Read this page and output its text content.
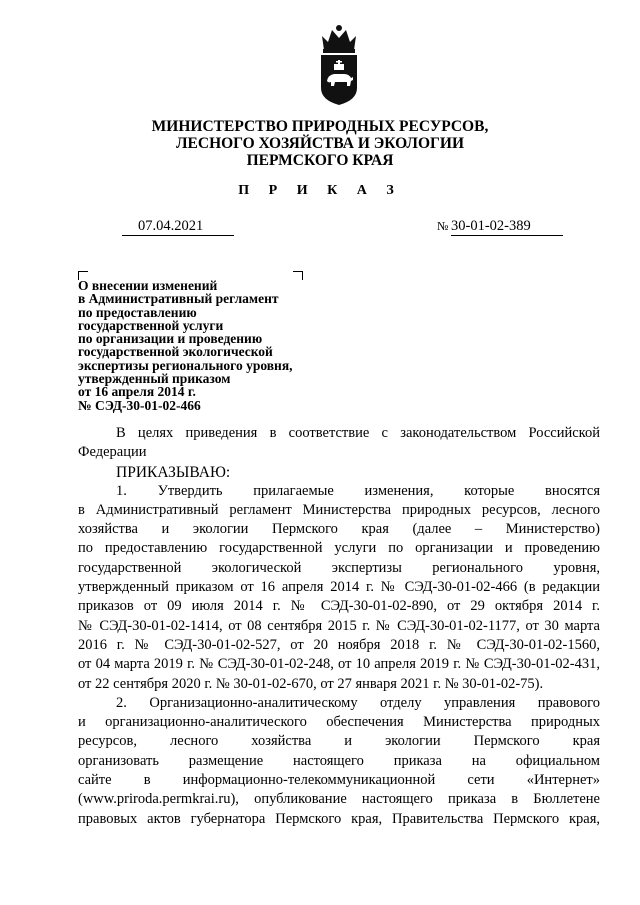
МИНИСТЕРСТВО ПРИРОДНЫХ РЕСУРСОВ,
ЛЕСНОГО ХОЗЯЙСТВА И ЭКОЛОГИИ
ПЕРМСКОГО КРАЯ
П Р И К А З
07.04.2021	№ 30-01-02-389
О внесении изменений
в Административный регламент
по предоставлению
государственной услуги
по организации и проведению
государственной экологической
экспертизы регионального уровня,
утвержденный приказом
от 16 апреля 2014 г.
№ СЭД-30-01-02-466
В целях приведения в соответствие с законодательством Российской
Федерации
ПРИКАЗЫВАЮ:
1. Утвердить прилагаемые изменения, которые вносятся
в Административный регламент Министерства природных ресурсов, лесного
хозяйства и экологии Пермского края (далее – Министерство)
по предоставлению государственной услуги по организации и проведению
государственной экологической экспертизы регионального уровня,
утвержденный приказом от 16 апреля 2014 г. № СЭД-30-01-02-466 (в редакции
приказов от 09 июля 2014 г. № СЭД-30-01-02-890, от 29 октября 2014 г.
№ СЭД-30-01-02-1414, от 08 сентября 2015 г. № СЭД-30-01-02-1177, от 30 марта
2016 г. № СЭД-30-01-02-527, от 20 ноября 2018 г. № СЭД-30-01-02-1560,
от 04 марта 2019 г. № СЭД-30-01-02-248, от 10 апреля 2019 г. № СЭД-30-01-02-431,
от 22 сентября 2020 г. № 30-01-02-670, от 27 января 2021 г. № 30-01-02-75).
2. Организационно-аналитическому отделу управления правового
и организационно-аналитического обеспечения Министерства природных
ресурсов, лесного хозяйства и экологии Пермского края
организовать размещение настоящего приказа на официальном
сайте в информационно-телекоммуникационной сети «Интернет»
(www.priroda.permkrai.ru), опубликование настоящего приказа в Бюллетене
правовых актов губернатора Пермского края, Правительства Пермского края,
